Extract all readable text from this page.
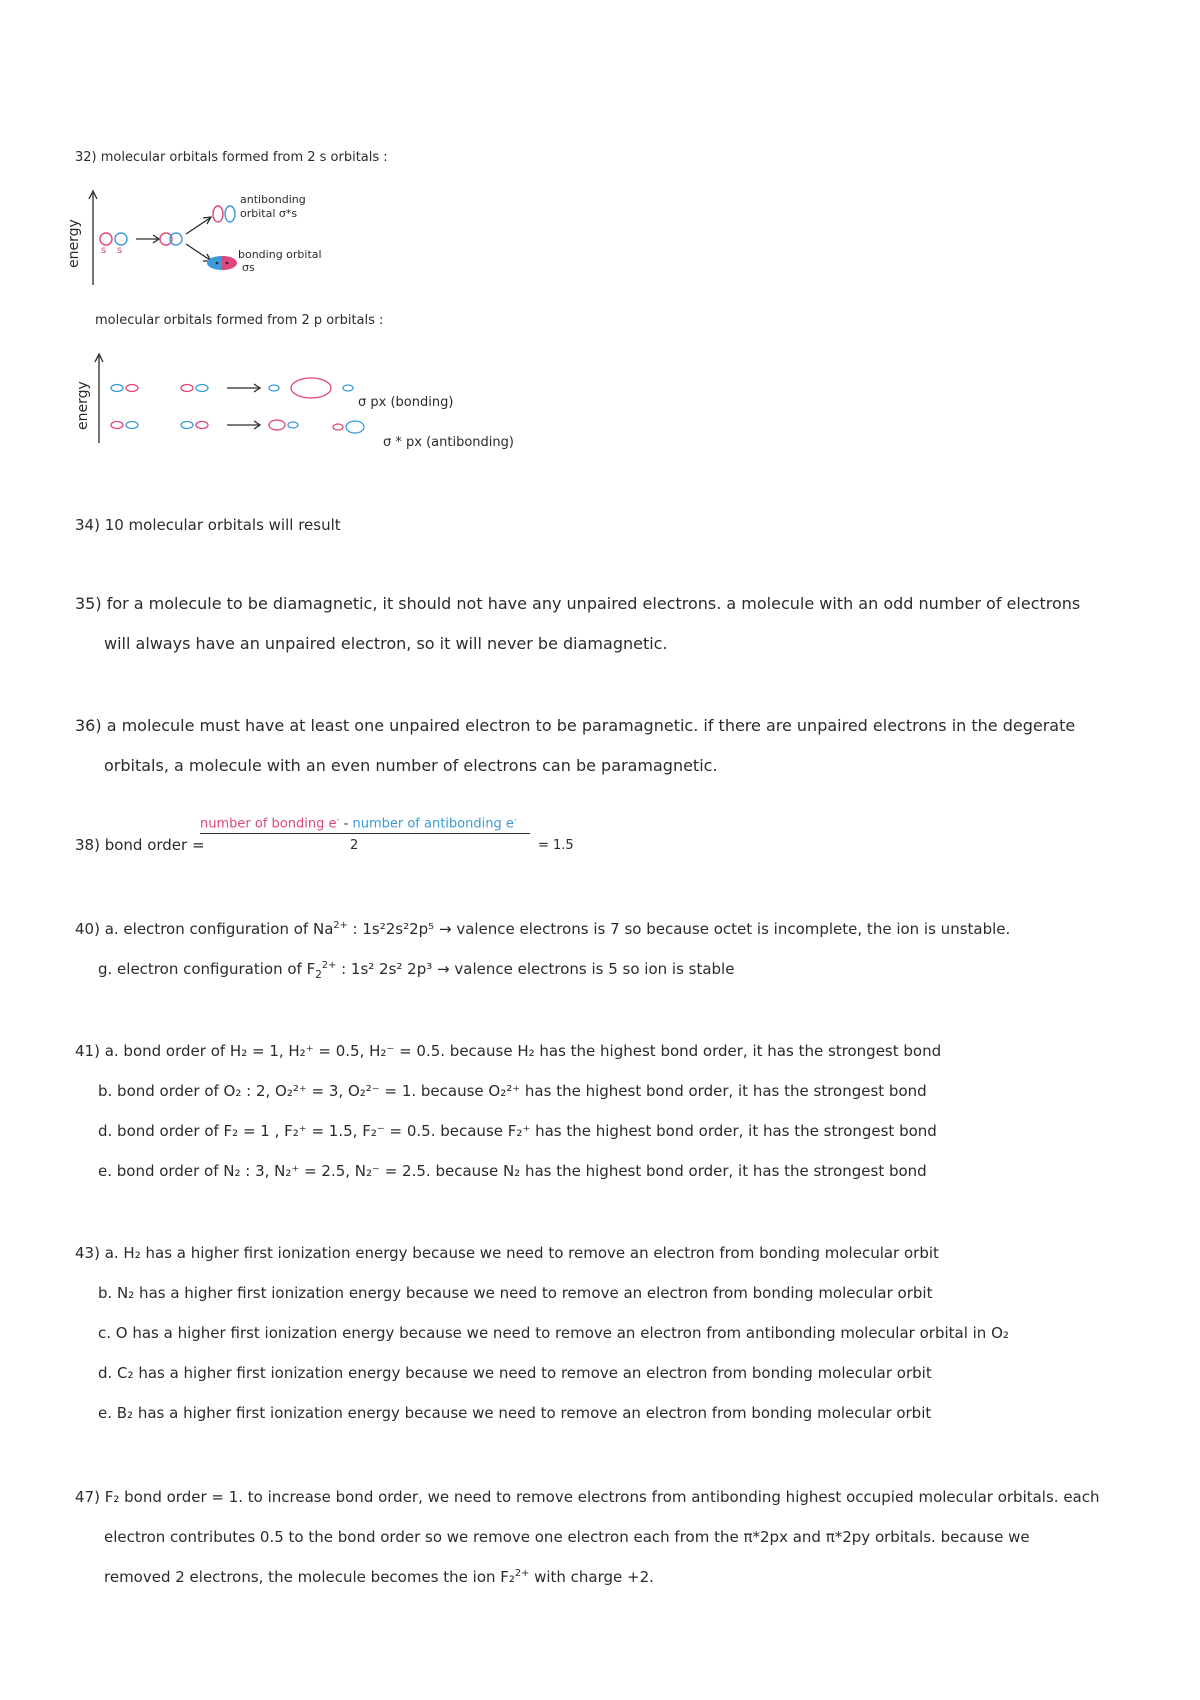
32) molecular orbitals formed from 2 s orbitals :

energy s s

antibonding

orbital σ*s

bonding orbital

σs

molecular orbitals formed from 2 p orbitals :

energy	σ px (bonding)

σ * px (antibonding)

34) 10 molecular orbitals will result

35) for a molecule to be diamagnetic, it should not have any unpaired electrons. a molecule with an odd number of electrons

will always have an unpaired electron, so it will never be diamagnetic.

36) a molecule must have at least one unpaired electron to be paramagnetic. if there are unpaired electrons in the degerate

orbitals, a molecule with an even number of electrons can be paramagnetic.

38) bond order =

number of bonding e- - number of antibonding e-

2	= 1.5

40) a. electron configuration of $Na^{2+}$ : 1s²2s²2p⁵ → valence electrons is 7 so because octet is incomplete, the ion is unstable.

g. electron configuration of $F_2^{2+}$ : 1s² 2s² 2p³ → valence electrons is 5 so ion is stable

41) a. bond order of H₂ = 1, H₂⁺ = 0.5, H₂⁻ = 0.5. because H₂ has the highest bond order, it has the strongest bond

b. bond order of O₂ : 2, O₂²⁺ = 3, O₂²⁻ = 1. because O₂²⁺ has the highest bond order, it has the strongest bond

d. bond order of F₂ = 1 , F₂⁺ = 1.5, F₂⁻ = 0.5. because F₂⁺ has the highest bond order, it has the strongest bond

e. bond order of N₂ : 3, N₂⁺ = 2.5, N₂⁻ = 2.5. because N₂ has the highest bond order, it has the strongest bond

43) a. H₂ has a higher first ionization energy because we need to remove an electron from bonding molecular orbit

b. N₂ has a higher first ionization energy because we need to remove an electron from bonding molecular orbit

c. O has a higher first ionization energy because we need to remove an electron from antibonding molecular orbital in O₂

d. C₂ has a higher first ionization energy because we need to remove an electron from bonding molecular orbit

e. B₂ has a higher first ionization energy because we need to remove an electron from bonding molecular orbit

47) F₂ bond order = 1. to increase bond order, we need to remove electrons from antibonding highest occupied molecular orbitals. each

electron contributes 0.5 to the bond order so we remove one electron each from the π*2px and π*2py orbitals. because we

removed 2 electrons, the molecule becomes the ion F₂$^{2+}$ with charge +2.
